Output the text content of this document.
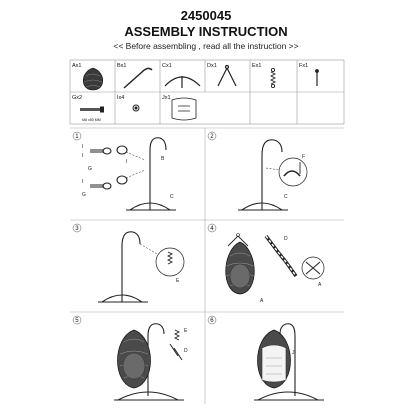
2450045
ASSEMBLY INSTRUCTION
<< Before assembling , read all the instruction >>
Ax1	Bx1	Cx1	Dx1	Ex1	Fx1
Gx2	Ix4	Jx1
M8 x50 MM
1	2
3	4
5	6
I
I
G
I
I
G
B
C
F
C
E
D
A
A
E
D	J
